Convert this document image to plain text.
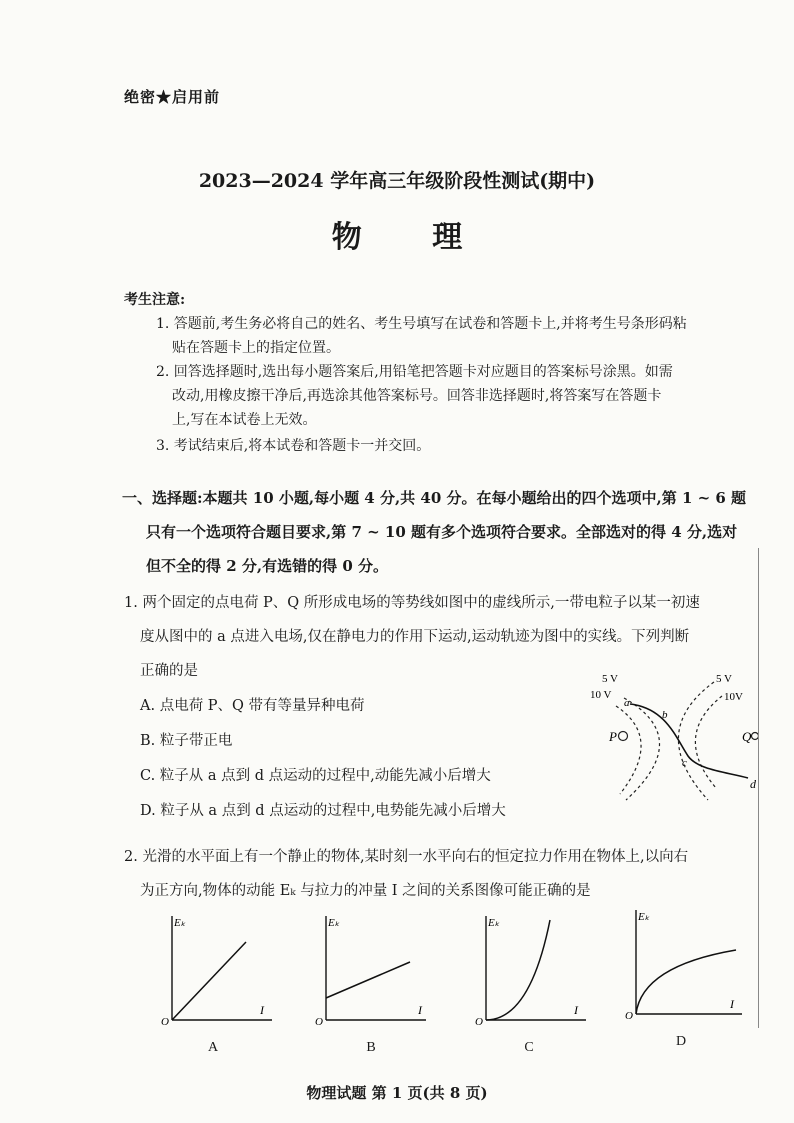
绝密★启用前
2023—2024 学年高三年级阶段性测试(期中)
物 理
考生注意:
1. 答题前,考生务必将自己的姓名、考生号填写在试卷和答题卡上,并将考生号条形码粘
贴在答题卡上的指定位置。
2. 回答选择题时,选出每小题答案后,用铅笔把答题卡对应题目的答案标号涂黑。如需
改动,用橡皮擦干净后,再选涂其他答案标号。回答非选择题时,将答案写在答题卡
上,写在本试卷上无效。
3. 考试结束后,将本试卷和答题卡一并交回。
一、选择题:本题共 10 小题,每小题 4 分,共 40 分。在每小题给出的四个选项中,第 1 ~ 6 题
只有一个选项符合题目要求,第 7 ~ 10 题有多个选项符合要求。全部选对的得 4 分,选对
但不全的得 2 分,有选错的得 0 分。
1. 两个固定的点电荷 P、Q 所形成电场的等势线如图中的虚线所示,一带电粒子以某一初速
度从图中的 a 点进入电场,仅在静电力的作用下运动,运动轨迹为图中的实线。下列判断
正确的是
A. 点电荷 P、Q 带有等量异种电荷
B. 粒子带正电
C. 粒子从 a 点到 d 点运动的过程中,动能先减小后增大
D. 粒子从 a 点到 d 点运动的过程中,电势能先减小后增大
P	Q
5 V
10 V
5 V
10V
a
b
c
d
2. 光滑的水平面上有一个静止的物体,某时刻一水平向右的恒定拉力作用在物体上,以向右
为正方向,物体的动能 Eₖ 与拉力的冲量 I 之间的关系图像可能正确的是
Eₖ
I
O
A
Eₖ
I
O
B
Eₖ
I
O
C
Eₖ
I
O
D
物理试题 第 1 页(共 8 页)
